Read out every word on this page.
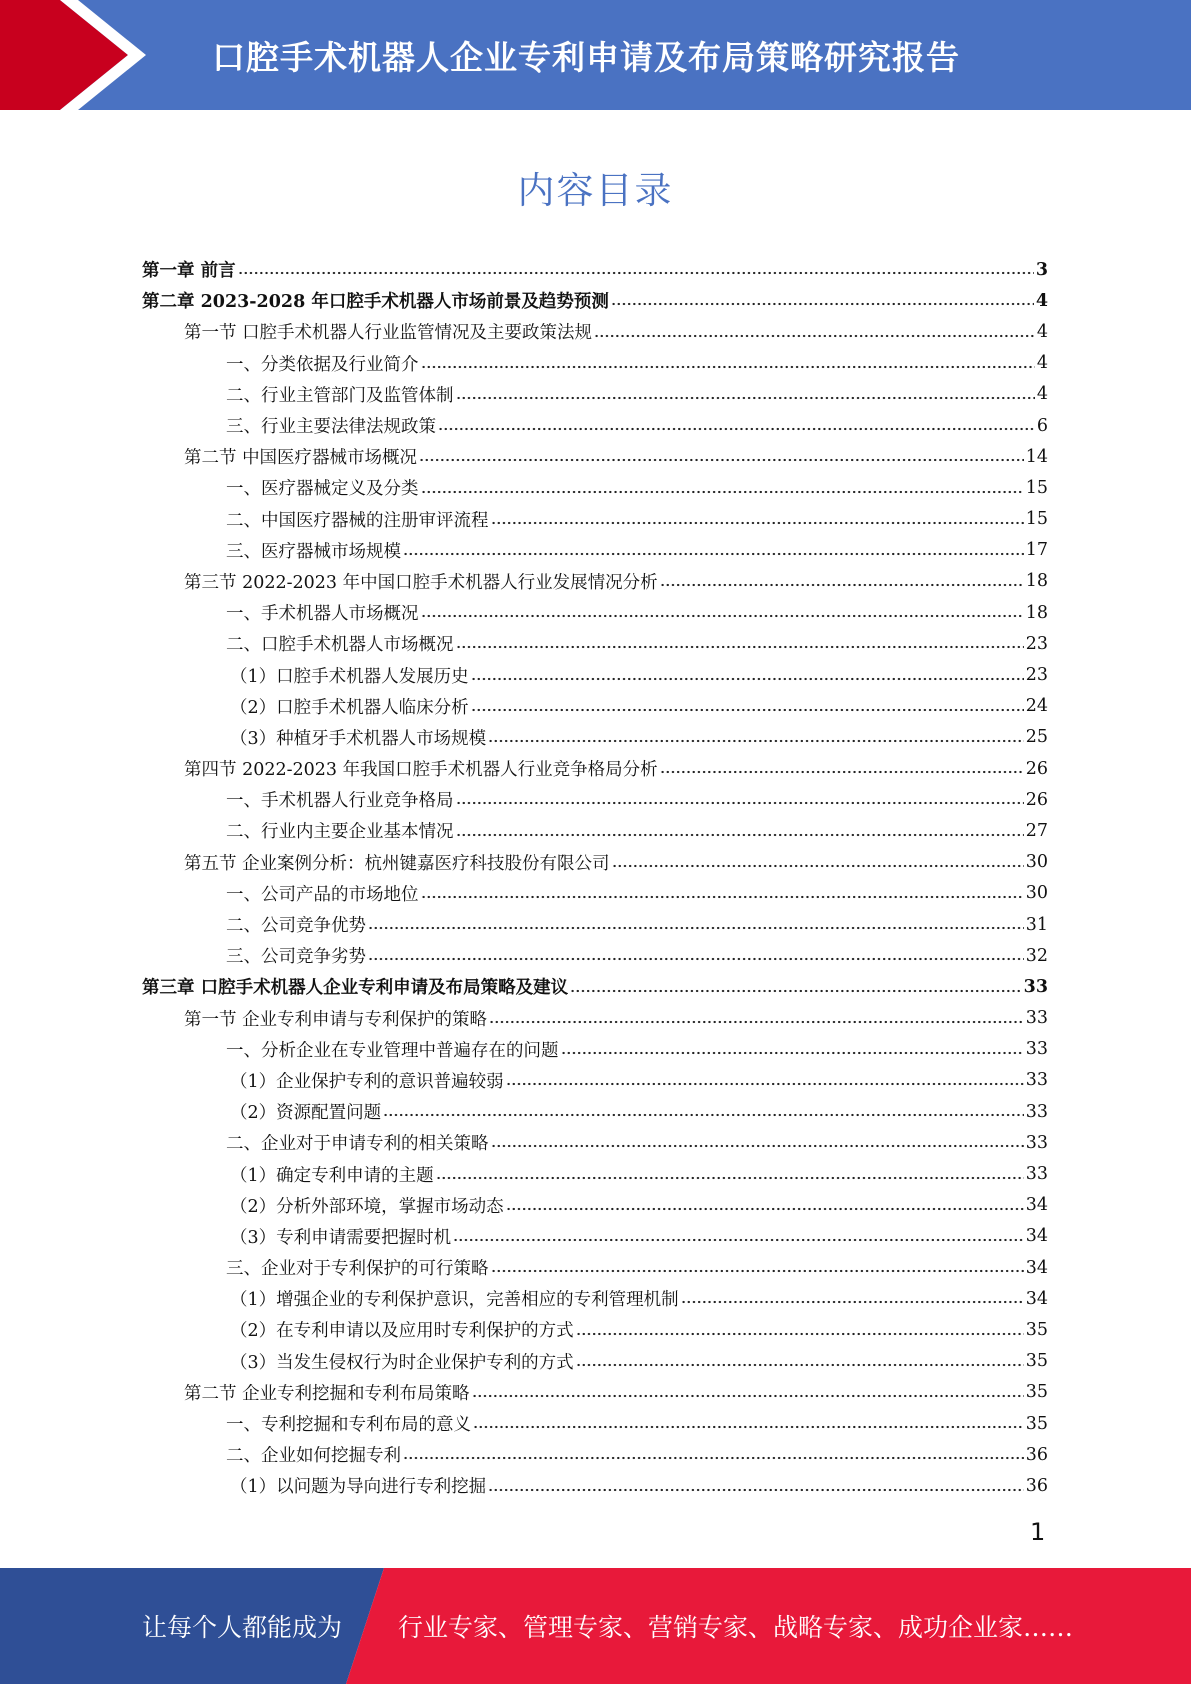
口腔手术机器人企业专利申请及布局策略研究报告
内容目录
第一章 前言	3
第二章 2023-2028 年口腔手术机器人市场前景及趋势预测	4
第一节 口腔手术机器人行业监管情况及主要政策法规	4
一、分类依据及行业简介	4
二、行业主管部门及监管体制	4
三、行业主要法律法规政策	6
第二节 中国医疗器械市场概况	14
一、医疗器械定义及分类	15
二、中国医疗器械的注册审评流程	15
三、医疗器械市场规模	17
第三节 2022-2023 年中国口腔手术机器人行业发展情况分析	18
一、手术机器人市场概况	18
二、口腔手术机器人市场概况	23
（1）口腔手术机器人发展历史	23
（2）口腔手术机器人临床分析	24
（3）种植牙手术机器人市场规模	25
第四节 2022-2023 年我国口腔手术机器人行业竞争格局分析	26
一、手术机器人行业竞争格局	26
二、行业内主要企业基本情况	27
第五节 企业案例分析：杭州键嘉医疗科技股份有限公司	30
一、公司产品的市场地位	30
二、公司竞争优势	31
三、公司竞争劣势	32
第三章 口腔手术机器人企业专利申请及布局策略及建议	33
第一节 企业专利申请与专利保护的策略	33
一、分析企业在专业管理中普遍存在的问题	33
（1）企业保护专利的意识普遍较弱	33
（2）资源配置问题	33
二、企业对于申请专利的相关策略	33
（1）确定专利申请的主题	33
（2）分析外部环境，掌握市场动态	34
（3）专利申请需要把握时机	34
三、企业对于专利保护的可行策略	34
（1）增强企业的专利保护意识，完善相应的专利管理机制	34
（2）在专利申请以及应用时专利保护的方式	35
（3）当发生侵权行为时企业保护专利的方式	35
第二节 企业专利挖掘和专利布局策略	35
一、专利挖掘和专利布局的意义	35
二、企业如何挖掘专利	36
（1）以问题为导向进行专利挖掘	36
1
让每个人都能成为 行业专家、管理专家、营销专家、战略专家、成功企业家……
